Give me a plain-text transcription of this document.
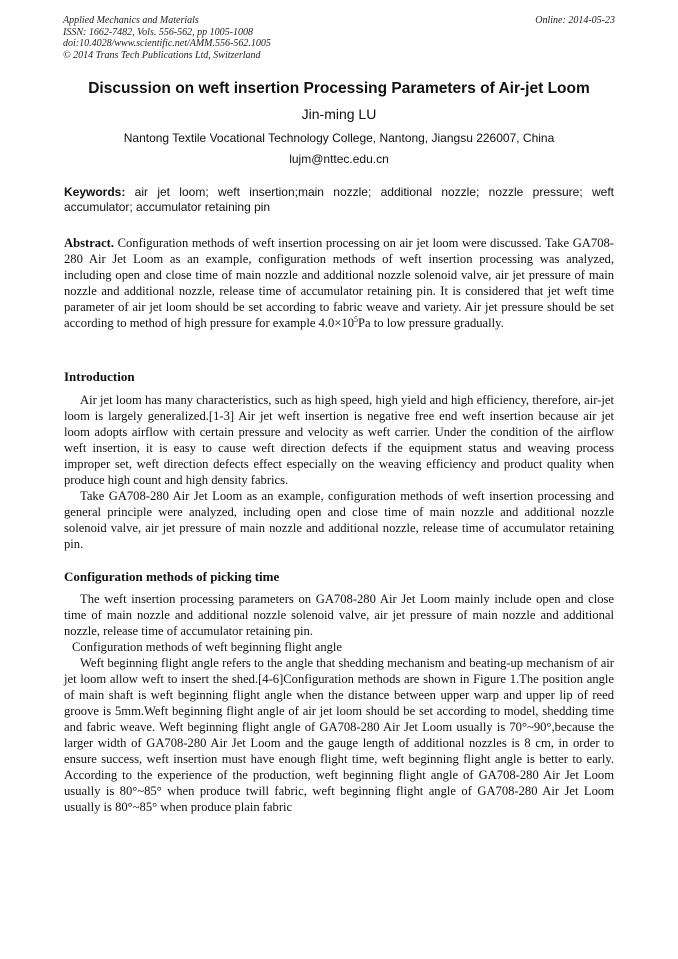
Applied Mechanics and Materials
ISSN: 1662-7482, Vols. 556-562, pp 1005-1008
doi:10.4028/www.scientific.net/AMM.556-562.1005
© 2014 Trans Tech Publications Ltd, Switzerland
Online: 2014-05-23
Discussion on weft insertion Processing Parameters of Air-jet Loom
Jin-ming LU
Nantong Textile Vocational Technology College, Nantong, Jiangsu 226007, China
lujm@nttec.edu.cn
Keywords: air jet loom; weft insertion;main nozzle; additional nozzle; nozzle pressure; weft accumulator; accumulator retaining pin
Abstract. Configuration methods of weft insertion processing on air jet loom were discussed. Take GA708-280 Air Jet Loom as an example, configuration methods of weft insertion processing was analyzed, including open and close time of main nozzle and additional nozzle solenoid valve, air jet pressure of main nozzle and additional nozzle, release time of accumulator retaining pin. It is considered that jet weft time parameter of air jet loom should be set according to fabric weave and variety. Air jet pressure should be set according to method of high pressure for example $4.0\times 10^5Pa$ to low pressure gradually.
Introduction

Air jet loom has many characteristics, such as high speed, high yield and high efficiency, therefore, air-jet loom is largely generalized.[1-3] Air jet weft insertion is negative free end weft insertion because air jet loom adopts airflow with certain pressure and velocity as weft carrier. Under the condition of the airflow weft insertion, it is easy to cause weft direction defects if the equipment status and weaving process improper set, weft direction defects effect especially on the weaving efficiency and product quality when produce high count and high density fabrics.

Take GA708-280 Air Jet Loom as an example, configuration methods of weft insertion processing and general principle were analyzed, including open and close time of main nozzle and additional nozzle solenoid valve, air jet pressure of main nozzle and additional nozzle, release time of accumulator retaining pin.

Configuration methods of picking time

The weft insertion processing parameters on GA708-280 Air Jet Loom mainly include open and close time of main nozzle and additional nozzle solenoid valve, air jet pressure of main nozzle and additional nozzle, release time of accumulator retaining pin.

Configuration methods of weft beginning flight angle

Weft beginning flight angle refers to the angle that shedding mechanism and beating-up mechanism of air jet loom allow weft to insert the shed.[4-6]Configuration methods are shown in Figure 1.The position angle of main shaft is weft beginning flight angle when the distance between upper warp and upper lip of reed groove is 5mm.Weft beginning flight angle of air jet loom should be set according to model, shedding time and fabric weave. Weft beginning flight angle of GA708-280 Air Jet Loom usually is 70°~90°,because the larger width of GA708-280 Air Jet Loom and the gauge length of additional nozzles is 8 cm, in order to ensure success, weft insertion must have enough flight time, weft beginning flight angle is better to early. According to the experience of the production, weft beginning flight angle of GA708-280 Air Jet Loom usually is 80°~85° when produce twill fabric, weft beginning flight angle of GA708-280 Air Jet Loom usually is 80°~85° when produce plain fabric
